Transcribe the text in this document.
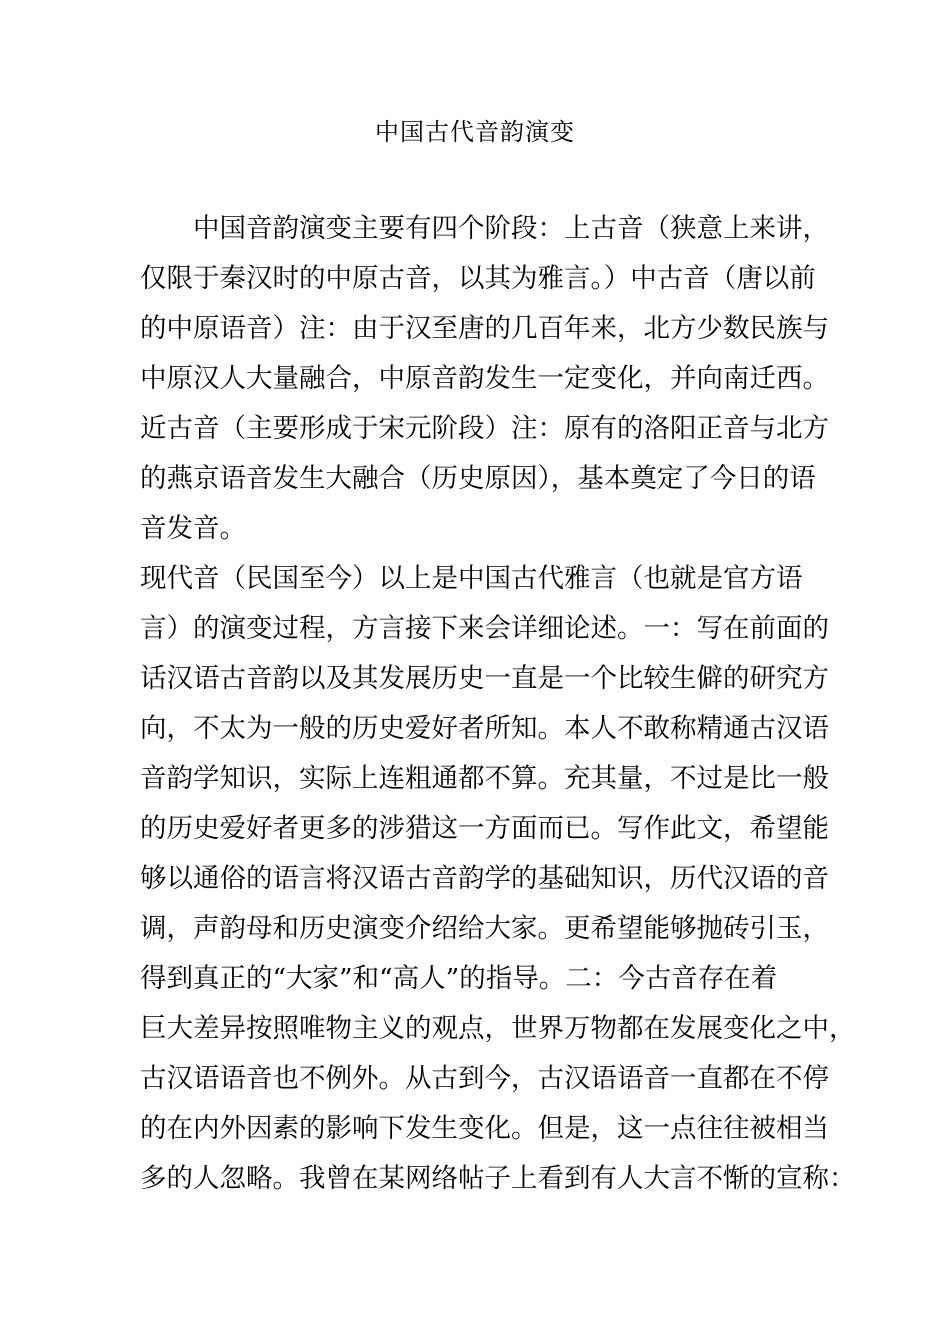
中国古代音韵演变
中国音韵演变主要有四个阶段：上古音（狭意上来讲，
仅限于秦汉时的中原古音，以其为雅言。）中古音（唐以前
的中原语音）注：由于汉至唐的几百年来，北方少数民族与
中原汉人大量融合，中原音韵发生一定变化，并向南迁西。
近古音（主要形成于宋元阶段）注：原有的洛阳正音与北方
的燕京语音发生大融合（历史原因），基本奠定了今日的语
音发音。
现代音（民国至今）以上是中国古代雅言（也就是官方语
言）的演变过程，方言接下来会详细论述。一：写在前面的
话汉语古音韵以及其发展历史一直是一个比较生僻的研究方
向，不太为一般的历史爱好者所知。本人不敢称精通古汉语
音韵学知识，实际上连粗通都不算。充其量，不过是比一般
的历史爱好者更多的涉猎这一方面而已。写作此文，希望能
够以通俗的语言将汉语古音韵学的基础知识，历代汉语的音
调，声韵母和历史演变介绍给大家。更希望能够抛砖引玉，
得到真正的“大家”和“高人”的指导。二：今古音存在着
巨大差异按照唯物主义的观点，世界万物都在发展变化之中，
古汉语语音也不例外。从古到今，古汉语语音一直都在不停
的在内外因素的影响下发生变化。但是，这一点往往被相当
多的人忽略。我曾在某网络帖子上看到有人大言不惭的宣称：
